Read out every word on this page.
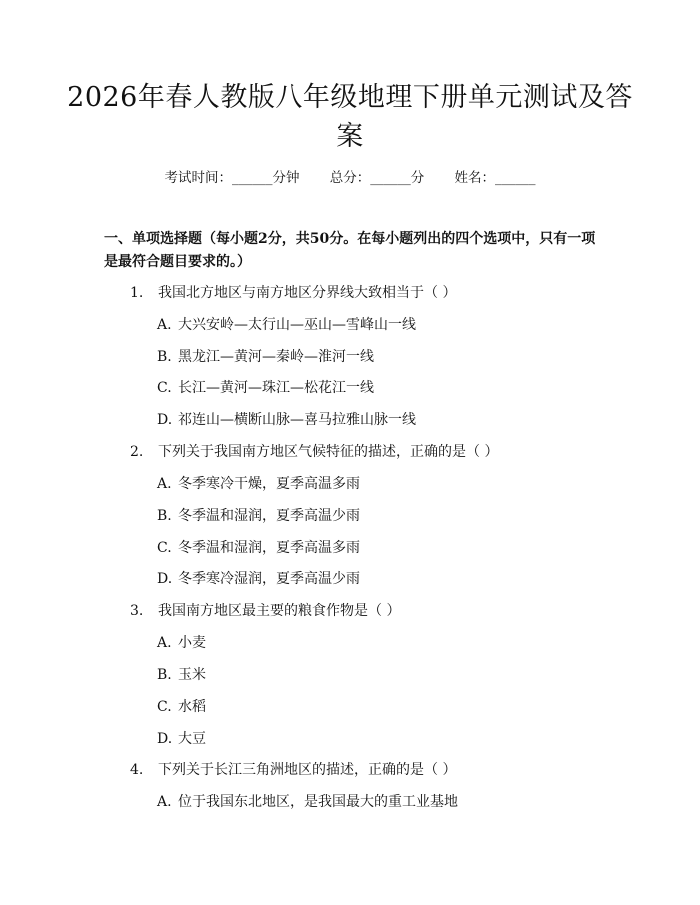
2026年春人教版八年级地理下册单元测试及答案
考试时间：______分钟 总分：______分 姓名：______
一、单项选择题（每小题2分，共50分。在每小题列出的四个选项中，只有一项是最符合题目要求的。）
1. 我国北方地区与南方地区分界线大致相当于（ ）
A. 大兴安岭—太行山—巫山—雪峰山一线
B. 黑龙江—黄河—秦岭—淮河一线
C. 长江—黄河—珠江—松花江一线
D. 祁连山—横断山脉—喜马拉雅山脉一线
2. 下列关于我国南方地区气候特征的描述，正确的是（ ）
A. 冬季寒冷干燥，夏季高温多雨
B. 冬季温和湿润，夏季高温少雨
C. 冬季温和湿润，夏季高温多雨
D. 冬季寒冷湿润，夏季高温少雨
3. 我国南方地区最主要的粮食作物是（ ）
A. 小麦
B. 玉米
C. 水稻
D. 大豆
4. 下列关于长江三角洲地区的描述，正确的是（ ）
A. 位于我国东北地区，是我国最大的重工业基地
